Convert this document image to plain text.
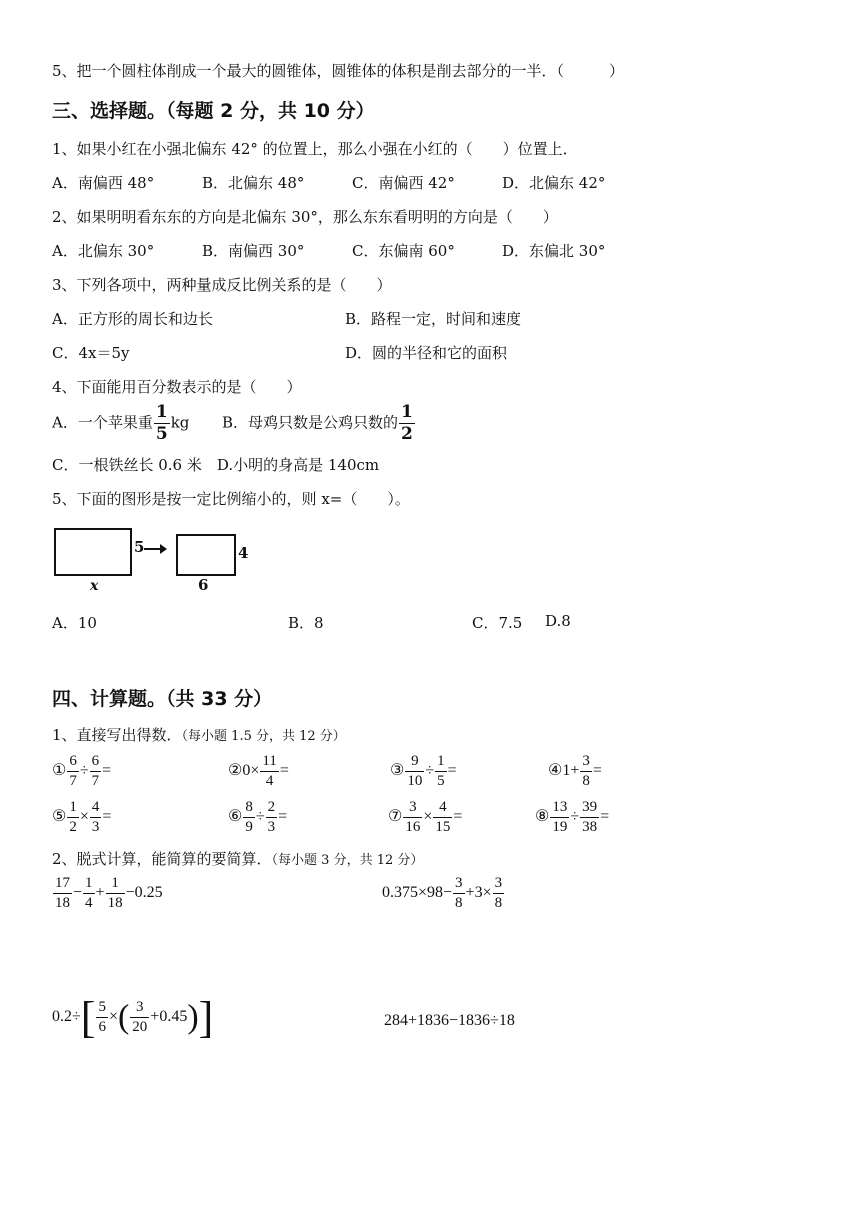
5、把一个圆柱体削成一个最大的圆锥体，圆锥体的体积是削去部分的一半．（　　　）
三、选择题。（每题 2 分，共 10 分）
1、如果小红在小强北偏东 42° 的位置上，那么小强在小红的（　　）位置上．
A．南偏西 48°	B．北偏东 48°	C．南偏西 42°	D．北偏东 42°
2、如果明明看东东的方向是北偏东 30°，那么东东看明明的方向是（　　）
A．北偏东 30°	B．南偏西 30°	C．东偏南 60°	D．东偏北 30°
3、下列各项中，两种量成反比例关系的是（　　）
A．正方形的周长和边长	B．路程一定，时间和速度
C．4x＝5y	D．圆的半径和它的面积
4、下面能用百分数表示的是（　　）
A．一个苹果重 $\frac{1}{5}$ kg B．母鸡只数是公鸡只数的 $\frac{1}{2}$
C．一根铁丝长 0.6 米　D.小明的身高是 140cm
5、下面的图形是按一定比例缩小的，则 x=（　　）。
5	4
x	6
A．10	B．8	C．7.5 D.8
四、计算题。（共 33 分）
1、直接写出得数．（每小题 1.5 分，共 12 分）
① $\frac{6}{7} \div \frac{6}{7}$ =	②0× $\frac{11}{4}$ =	③ $\frac{9}{10} \div \frac{1}{5}$ =	④1+ $\frac{3}{8}$ =
⑤ $\frac{1}{2} \times \frac{4}{3}$ =	⑥ $\frac{8}{9} \div \frac{2}{3}$ =	⑦ $\frac{3}{16} \times \frac{4}{15}$ =	⑧ $\frac{13}{19} \div \frac{39}{38}$ =
2、脱式计算，能简算的要简算．（每小题 3 分，共 12 分）
$\frac{17}{18} - \frac{1}{4} + \frac{1}{18} -0.25$	$0.375\times 98- \frac{3}{8} +3\times \frac{3}{8}$
$0.2\div[ \frac{5}{6}$ ×( $\frac{3}{20} +0.45$)]	284+1836−1836÷18
